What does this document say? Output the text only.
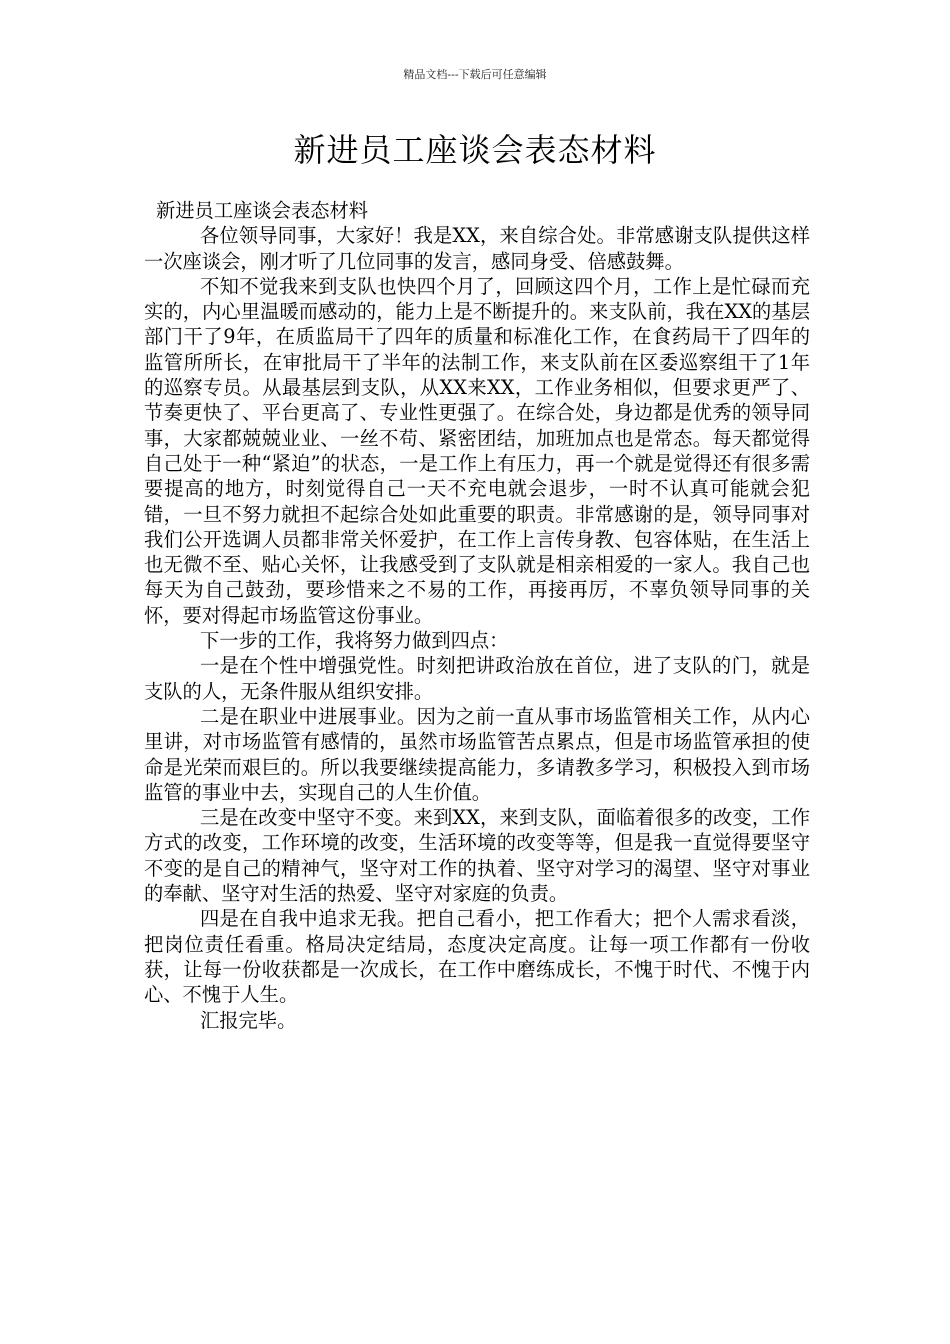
精品文档---下载后可任意编辑
新进员工座谈会表态材料

新进员工座谈会表态材料

各位领导同事，大家好！我是XX，来自综合处。非常感谢支队提供这样一次座谈会，刚才听了几位同事的发言，感同身受、倍感鼓舞。

不知不觉我来到支队也快四个月了，回顾这四个月，工作上是忙碌而充实的，内心里温暖而感动的，能力上是不断提升的。来支队前，我在XX的基层部门干了9年，在质监局干了四年的质量和标准化工作，在食药局干了四年的监管所所长，在审批局干了半年的法制工作，来支队前在区委巡察组干了1年的巡察专员。从最基层到支队，从XX来XX，工作业务相似，但要求更严了、节奏更快了、平台更高了、专业性更强了。在综合处，身边都是优秀的领导同事，大家都兢兢业业、一丝不苟、紧密团结，加班加点也是常态。每天都觉得自己处于一种“紧迫”的状态，一是工作上有压力，再一个就是觉得还有很多需要提高的地方，时刻觉得自己一天不充电就会退步，一时不认真可能就会犯错，一旦不努力就担不起综合处如此重要的职责。非常感谢的是，领导同事对我们公开选调人员都非常关怀爱护，在工作上言传身教、包容体贴，在生活上也无微不至、贴心关怀，让我感受到了支队就是相亲相爱的一家人。我自己也每天为自己鼓劲，要珍惜来之不易的工作，再接再厉，不辜负领导同事的关怀，要对得起市场监管这份事业。

下一步的工作，我将努力做到四点：

一是在个性中增强党性。时刻把讲政治放在首位，进了支队的门，就是支队的人，无条件服从组织安排。

二是在职业中进展事业。因为之前一直从事市场监管相关工作，从内心里讲，对市场监管有感情的，虽然市场监管苦点累点，但是市场监管承担的使命是光荣而艰巨的。所以我要继续提高能力，多请教多学习，积极投入到市场监管的事业中去，实现自己的人生价值。

三是在改变中坚守不变。来到XX，来到支队，面临着很多的改变，工作方式的改变，工作环境的改变，生活环境的改变等等，但是我一直觉得要坚守不变的是自己的精神气，坚守对工作的执着、坚守对学习的渴望、坚守对事业的奉献、坚守对生活的热爱、坚守对家庭的负责。

四是在自我中追求无我。把自己看小，把工作看大；把个人需求看淡，把岗位责任看重。格局决定结局，态度决定高度。让每一项工作都有一份收获，让每一份收获都是一次成长，在工作中磨练成长，不愧于时代、不愧于内心、不愧于人生。

汇报完毕。
